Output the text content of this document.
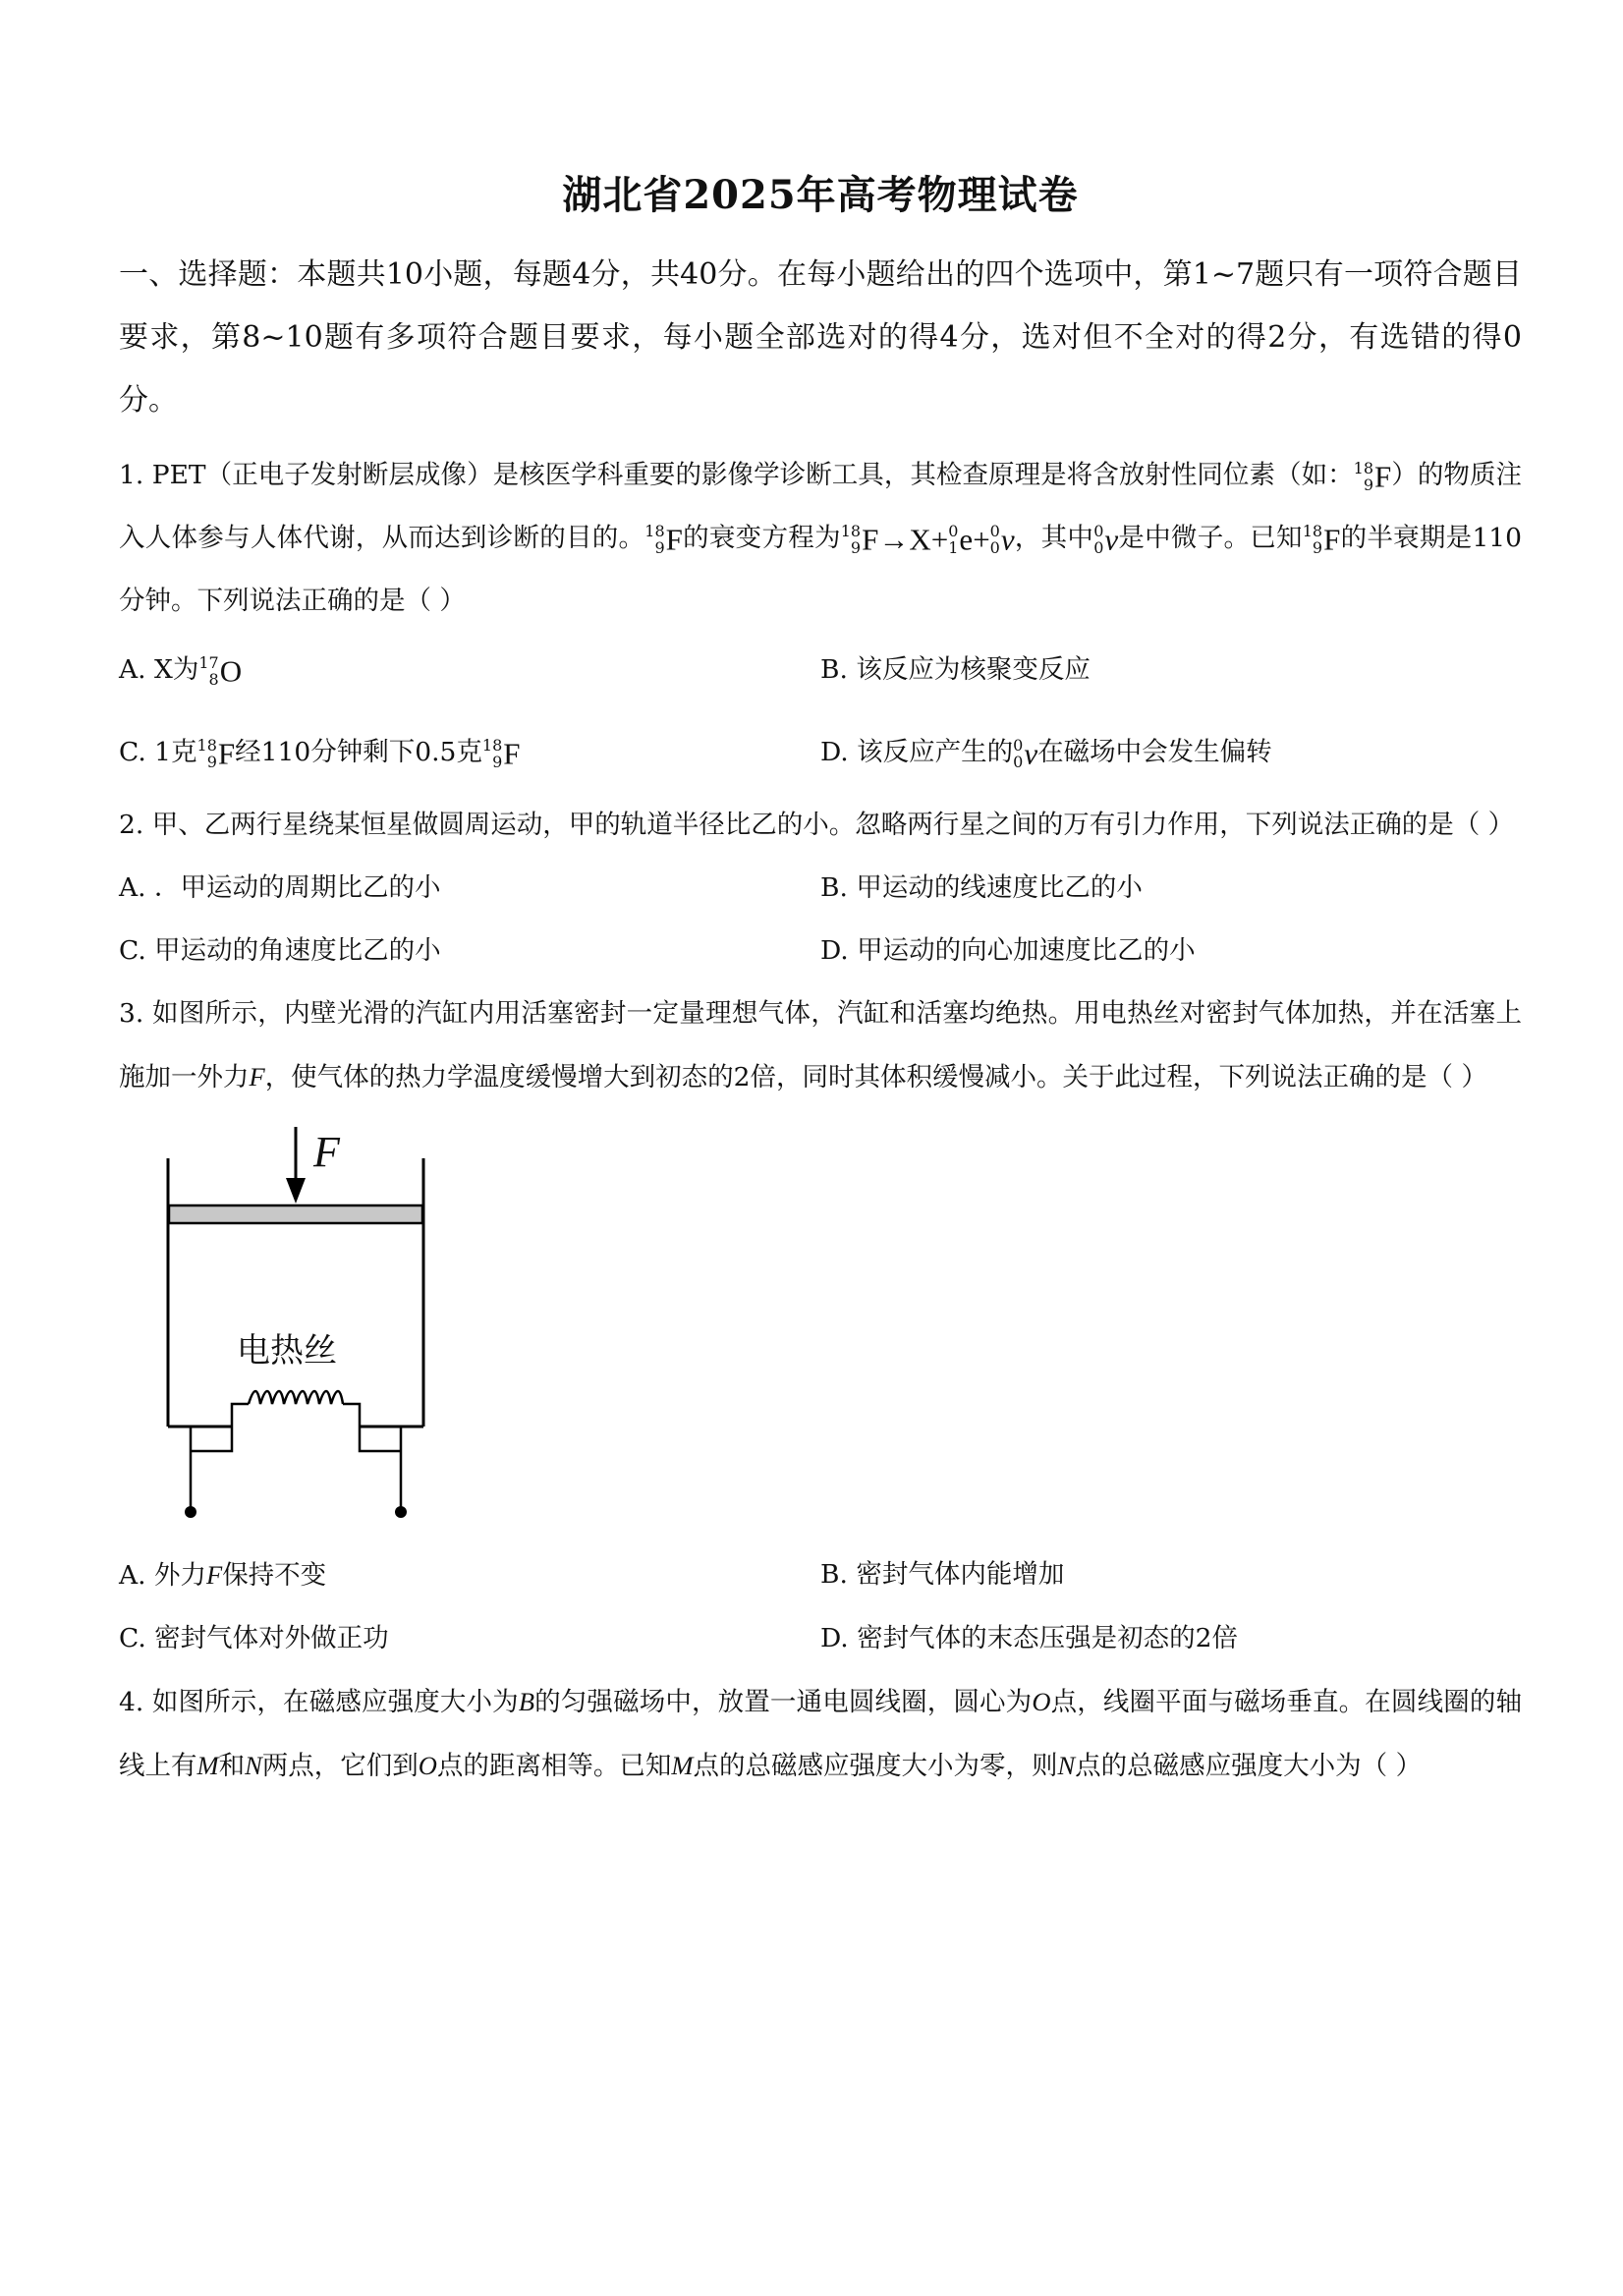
湖北省2025年高考物理试卷

一、选择题：本题共10小题，每题4分，共40分。在每小题给出的四个选项中，第1~7题只有一项符合题目要求，第8~10题有多项符合题目要求，每小题全部选对的得4分，选对但不全对的得2分，有选错的得0分。

1. PET（正电子发射断层成像）是核医学科重要的影像学诊断工具，其检查原理是将含放射性同位素（如： 18
9 F）的物质注入人体参与人体代谢，从而达到诊断的目的。 18
9 F的衰变方程为 18
9 F→X+ 0
1 e+ 0
0 ν，其中 0
0 ν是中微子。已知 18
9 F的半衰期是110分钟。下列说法正确的是（ ）

A. X为 17
8 O	B. 该反应为核聚变反应
C. 1克 18
9 F经110分钟剩下0.5克 18
9 F	D. 该反应产生的 0
0 ν在磁场中会发生偏转

2. 甲、乙两行星绕某恒星做圆周运动，甲的轨道半径比乙的小。忽略两行星之间的万有引力作用，下列说法正确的是（ ）

A. ．甲运动的周期比乙的小	B. 甲运动的线速度比乙的小
C. 甲运动的角速度比乙的小	D. 甲运动的向心加速度比乙的小

3. 如图所示，内壁光滑的汽缸内用活塞密封一定量理想气体，汽缸和活塞均绝热。用电热丝对密封气体加热，并在活塞上施加一外力F，使气体的热力学温度缓慢增大到初态的2倍，同时其体积缓慢减小。关于此过程，下列说法正确的是（ ）

F
电热丝
A. 外力F保持不变	B. 密封气体内能增加
C. 密封气体对外做正功	D. 密封气体的末态压强是初态的2倍

4. 如图所示，在磁感应强度大小为B的匀强磁场中，放置一通电圆线圈，圆心为O点，线圈平面与磁场垂直。在圆线圈的轴线上有M和N两点，它们到O点的距离相等。已知M点的总磁感应强度大小为零，则N点的总磁感应强度大小为（ ）
